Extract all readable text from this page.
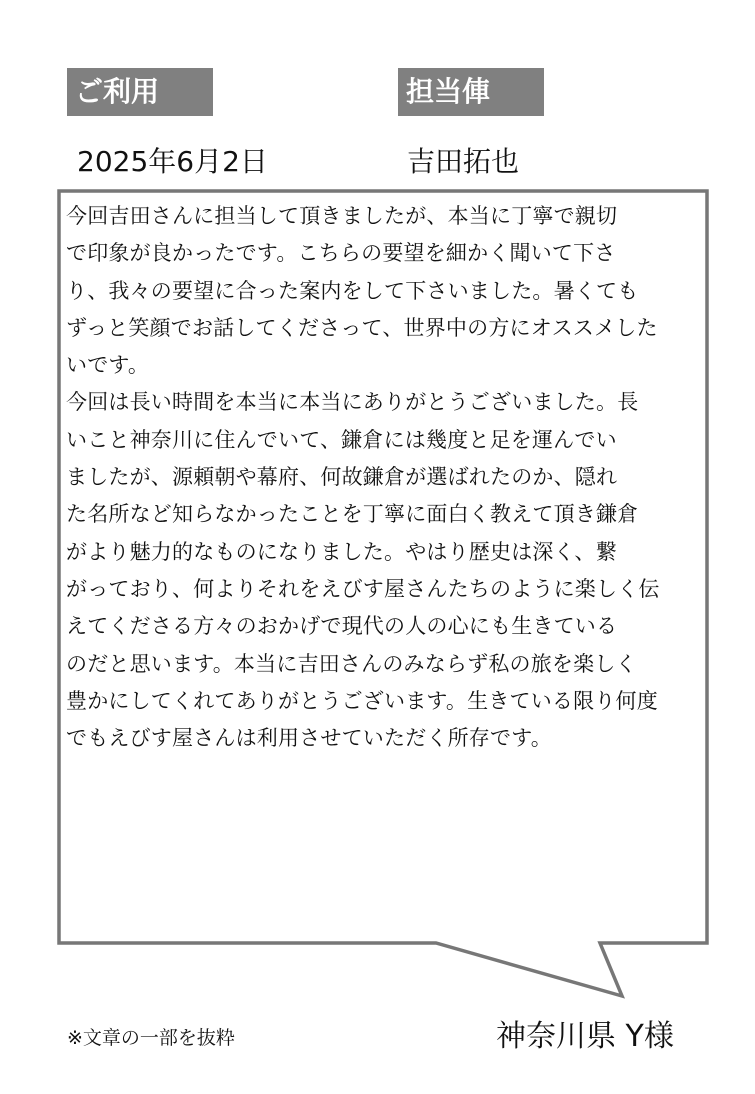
ご利用	担当俥
2025年6月2日	吉田拓也

今回吉田さんに担当して頂きましたが、本当に丁寧で親切
で印象が良かったです。こちらの要望を細かく聞いて下さ
り、我々の要望に合った案内をして下さいました。暑くても
ずっと笑顔でお話してくださって、世界中の方にオススメした
いです。

今回は長い時間を本当に本当にありがとうございました。長
いこと神奈川に住んでいて、鎌倉には幾度と足を運んでい
ましたが、源頼朝や幕府、何故鎌倉が選ばれたのか、隠れ
た名所など知らなかったことを丁寧に面白く教えて頂き鎌倉
がより魅力的なものになりました。やはり歴史は深く、繋
がっており、何よりそれをえびす屋さんたちのように楽しく伝
えてくださる方々のおかげで現代の人の心にも生きている
のだと思います。本当に吉田さんのみならず私の旅を楽しく
豊かにしてくれてありがとうございます。生きている限り何度
でもえびす屋さんは利用させていただく所存です。

※文章の一部を抜粋	神奈川県 Y様
